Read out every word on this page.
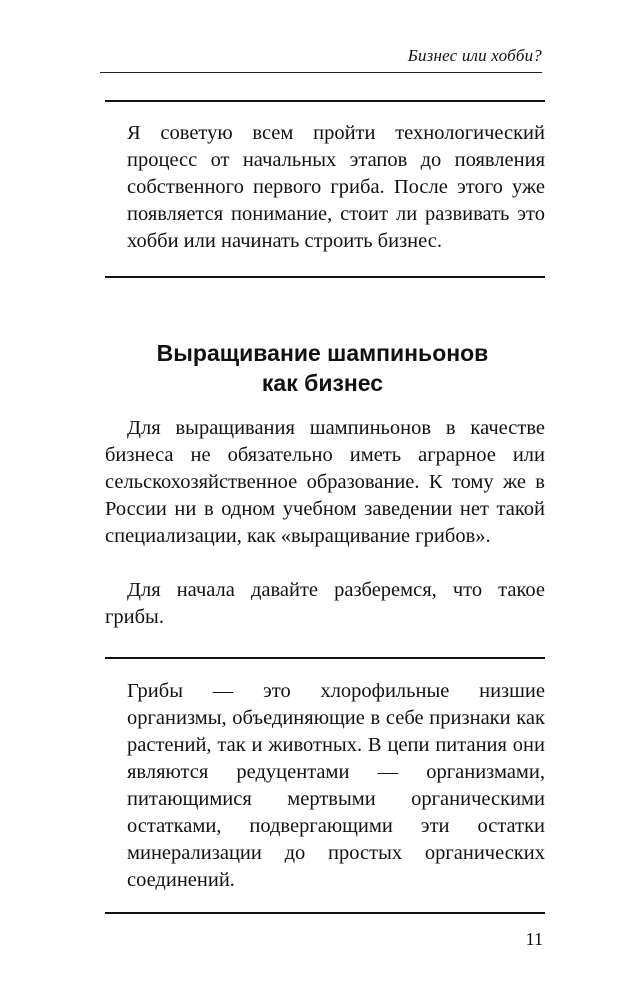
Бизнес или хобби?
Я советую всем пройти технологический процесс от начальных этапов до появления собственного первого гриба. После этого уже появляется понимание, стоит ли развивать это хобби или начинать строить бизнес.
Выращивание шампиньонов
как бизнес
Для выращивания шампиньонов в качестве бизнеса не обязательно иметь аграрное или сельскохозяйственное образование. К тому же в России ни в одном учебном заведении нет такой специализации, как «выращивание грибов».
Для начала давайте разберемся, что такое грибы.
Грибы — это хлорофильные низшие организмы, объединяющие в себе признаки как растений, так и животных. В цепи питания они являются редуцентами — организмами, питающимися мертвыми органическими остатками, подвергающими эти остатки минерализации до простых органических соединений.
11
